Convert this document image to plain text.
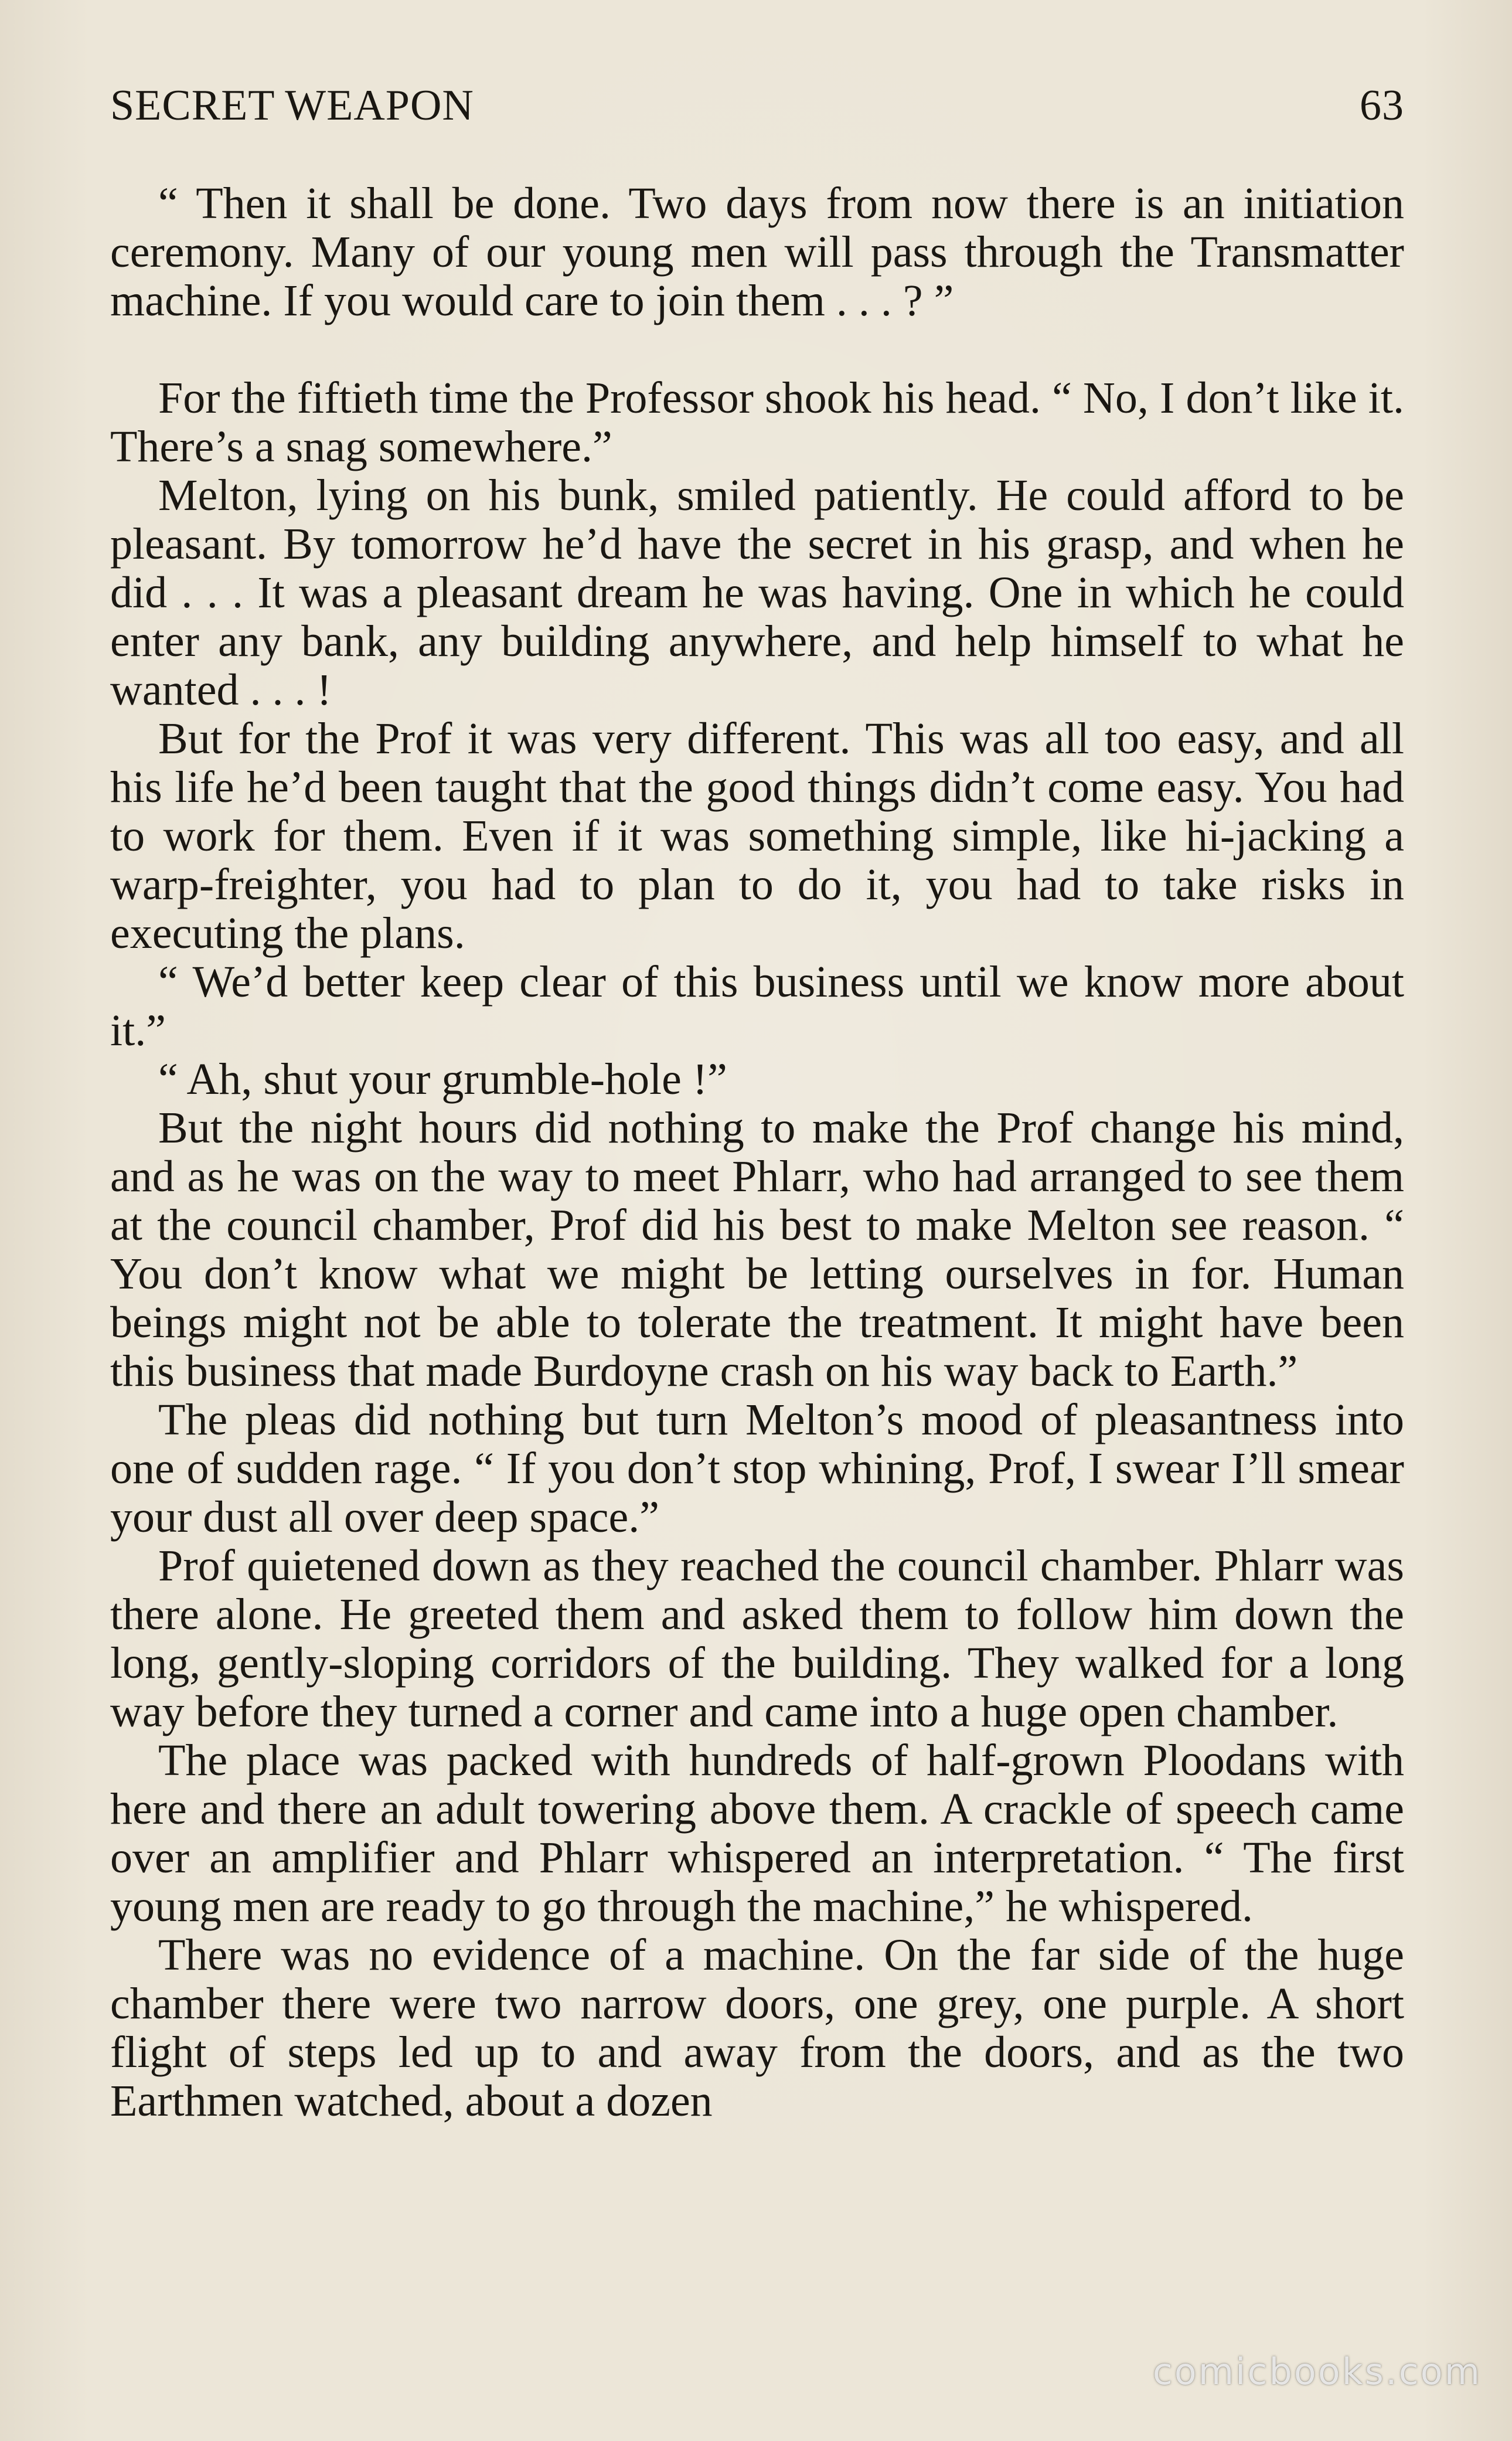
SECRET WEAPON	63

“ Then it shall be done. Two days from now there is an initiation ceremony. Many of our young men will pass through the Transmatter machine. If you would care to join them . . . ? ”

For the fiftieth time the Professor shook his head. “ No, I don’t like it. There’s a snag somewhere.”

Melton, lying on his bunk, smiled patiently. He could afford to be pleasant. By tomorrow he’d have the secret in his grasp, and when he did . . . It was a pleasant dream he was having. One in which he could enter any bank, any building anywhere, and help himself to what he wanted . . . !

But for the Prof it was very different. This was all too easy, and all his life he’d been taught that the good things didn’t come easy. You had to work for them. Even if it was something simple, like hi-jacking a warp-freighter, you had to plan to do it, you had to take risks in executing the plans.

“ We’d better keep clear of this business until we know more about it.”

“ Ah, shut your grumble-hole !”

But the night hours did nothing to make the Prof change his mind, and as he was on the way to meet Phlarr, who had arranged to see them at the council chamber, Prof did his best to make Melton see reason. “ You don’t know what we might be letting ourselves in for. Human beings might not be able to tolerate the treatment. It might have been this business that made Burdoyne crash on his way back to Earth.”

The pleas did nothing but turn Melton’s mood of pleasantness into one of sudden rage. “ If you don’t stop whining, Prof, I swear I’ll smear your dust all over deep space.”

Prof quietened down as they reached the council chamber. Phlarr was there alone. He greeted them and asked them to follow him down the long, gently-sloping corridors of the building. They walked for a long way before they turned a corner and came into a huge open chamber.

The place was packed with hundreds of half-grown Ploodans with here and there an adult towering above them. A crackle of speech came over an amplifier and Phlarr whispered an interpretation. “ The first young men are ready to go through the machine,” he whispered.

There was no evidence of a machine. On the far side of the huge chamber there were two narrow doors, one grey, one purple. A short flight of steps led up to and away from the doors, and as the two Earthmen watched, about a dozen

comicbooks.com
